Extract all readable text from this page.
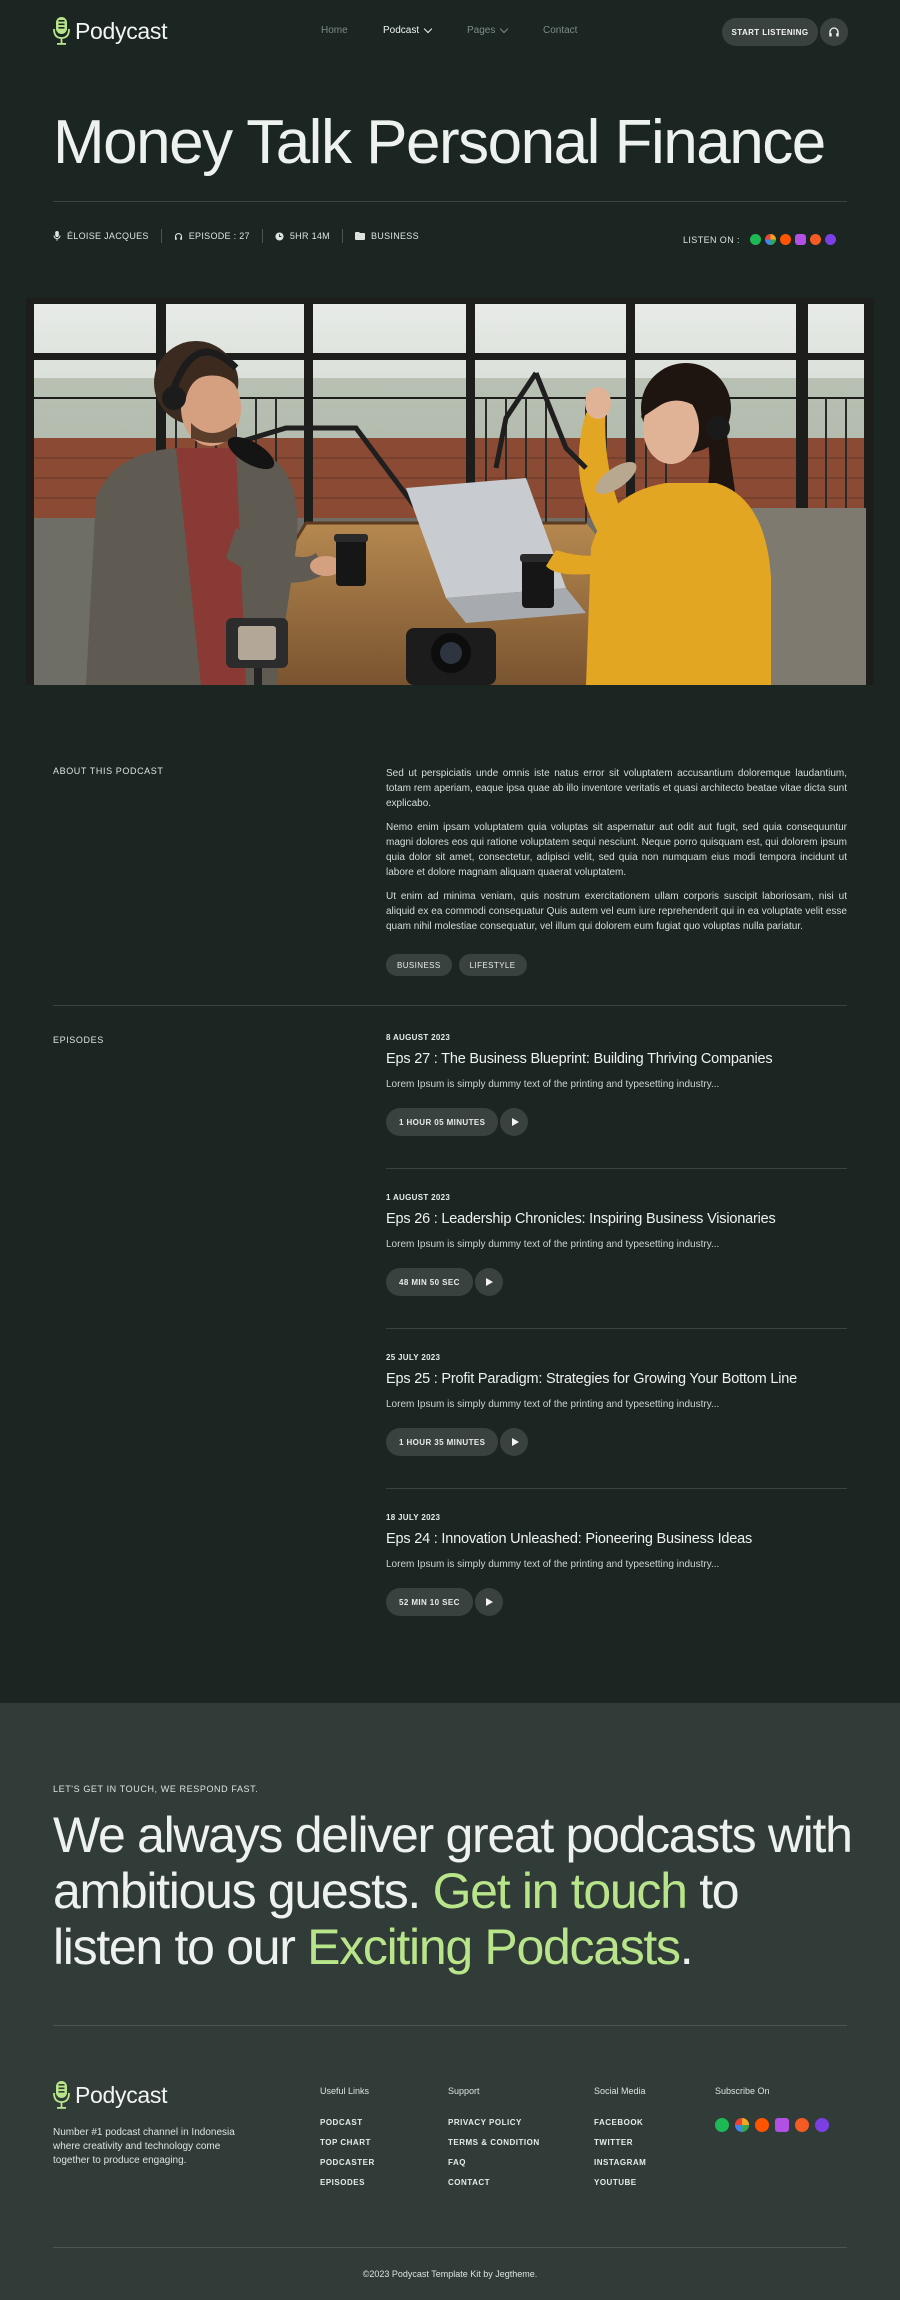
Podycast	Home	Podcast	Pages	Contact	START LISTENING
Money Talk Personal Finance
ÉLOISE JACQUES	EPISODE : 27	5HR 14M	BUSINESS	LISTEN ON :
ABOUT THIS PODCAST	Sed ut perspiciatis unde omnis iste natus error sit voluptatem accusantium doloremque laudantium, totam rem aperiam, eaque ipsa quae ab illo inventore veritatis et quasi architecto beatae vitae dicta sunt explicabo.

Nemo enim ipsam voluptatem quia voluptas sit aspernatur aut odit aut fugit, sed quia consequuntur magni dolores eos qui ratione voluptatem sequi nesciunt. Neque porro quisquam est, qui dolorem ipsum quia dolor sit amet, consectetur, adipisci velit, sed quia non numquam eius modi tempora incidunt ut labore et dolore magnam aliquam quaerat voluptatem.

Ut enim ad minima veniam, quis nostrum exercitationem ullam corporis suscipit laboriosam, nisi ut aliquid ex ea commodi consequatur Quis autem vel eum iure reprehenderit qui in ea voluptate velit esse quam nihil molestiae consequatur, vel illum qui dolorem eum fugiat quo voluptas nulla pariatur.

BUSINESS	LIFESTYLE
EPISODES	8 AUGUST 2023
Eps 27 : The Business Blueprint: Building Thriving Companies
Lorem Ipsum is simply dummy text of the printing and typesetting industry...
1 HOUR 05 MINUTES
1 AUGUST 2023
Eps 26 : Leadership Chronicles: Inspiring Business Visionaries
Lorem Ipsum is simply dummy text of the printing and typesetting industry...
48 MIN 50 SEC
25 JULY 2023
Eps 25 : Profit Paradigm: Strategies for Growing Your Bottom Line
Lorem Ipsum is simply dummy text of the printing and typesetting industry...
1 HOUR 35 MINUTES
18 JULY 2023
Eps 24 : Innovation Unleashed: Pioneering Business Ideas
Lorem Ipsum is simply dummy text of the printing and typesetting industry...
52 MIN 10 SEC
LET'S GET IN TOUCH, WE RESPOND FAST.
We always deliver great podcasts with ambitious guests. Get in touch to listen to our Exciting Podcasts.
Podycast
Number #1 podcast channel in Indonesia where creativity and technology come together to produce engaging.
Useful Links
PODCAST
TOP CHART
PODCASTER
EPISODES
Support
PRIVACY POLICY
TERMS & CONDITION
FAQ
CONTACT
Social Media
FACEBOOK
TWITTER
INSTAGRAM
YOUTUBE
Subscribe On
©2023 Podycast Template Kit by Jegtheme.
